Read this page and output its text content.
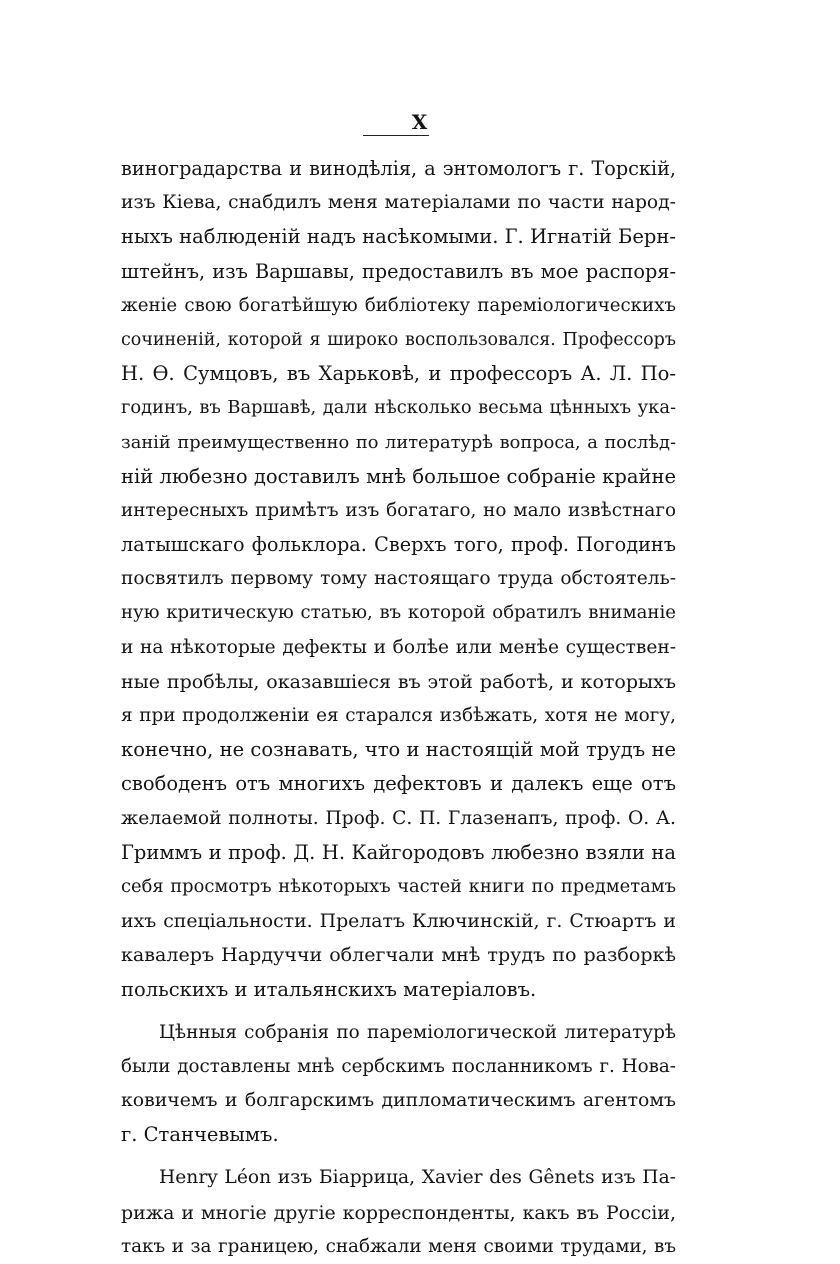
X
виноградарства и винодѣлія, а энтомологъ г. Торскій,
изъ Кіева, снабдилъ меня матеріалами по части народ-
ныхъ наблюденій надъ насѣкомыми. Г. Игнатій Берн-
штейнъ, изъ Варшавы, предоставилъ въ мое распоря-
женіе свою богатѣйшую библіотеку паремiологическихъ
сочиненій, которой я широко воспользовался. Профессоръ
Н. Ѳ. Сумцовъ, въ Харьковѣ, и профессоръ А. Л. По-
годинъ, въ Варшавѣ, дали нѣсколько весьма цѣнныхъ ука-
заній преимущественно по литературѣ вопроса, а послѣд-
ній любезно доставилъ мнѣ большое собраніе крайне
интересныхъ примѣтъ изъ богатаго, но мало извѣстнаго
латышскаго фольклора. Сверхъ того, проф. Погодинъ
посвятилъ первому тому настоящаго труда обстоятель-
ную критическую статью, въ которой обратилъ вниманіе
и на нѣкоторые дефекты и болѣе или менѣе существен-
ные пробѣлы, оказавшіеся въ этой работѣ, и которыхъ
я при продолженіи ея старался избѣжать, хотя не могу,
конечно, не сознавать, что и настоящій мой трудъ не
свободенъ отъ многихъ дефектовъ и далекъ еще отъ
желаемой полноты. Проф. С. П. Глазенапъ, проф. О. А.
Гриммъ и проф. Д. Н. Кайгородовъ любезно взяли на
себя просмотръ нѣкоторыхъ частей книги по предметамъ
ихъ спеціальности. Прелатъ Ключинскій, г. Стюартъ и
кавалеръ Нардуччи облегчали мнѣ трудъ по разборкѣ
польскихъ и итальянскихъ матеріаловъ.
Цѣнныя собранія по паремiологической литературѣ
были доставлены мнѣ сербскимъ посланникомъ г. Нова-
ковичемъ и болгарскимъ дипломатическимъ агентомъ
г. Станчевымъ.
Henry Léon изъ Біаррица, Xavier des Gênets изъ Па-
рижа и многіе другіе корреспонденты, какъ въ Россіи,
такъ и за границею, снабжали меня своими трудами, въ
